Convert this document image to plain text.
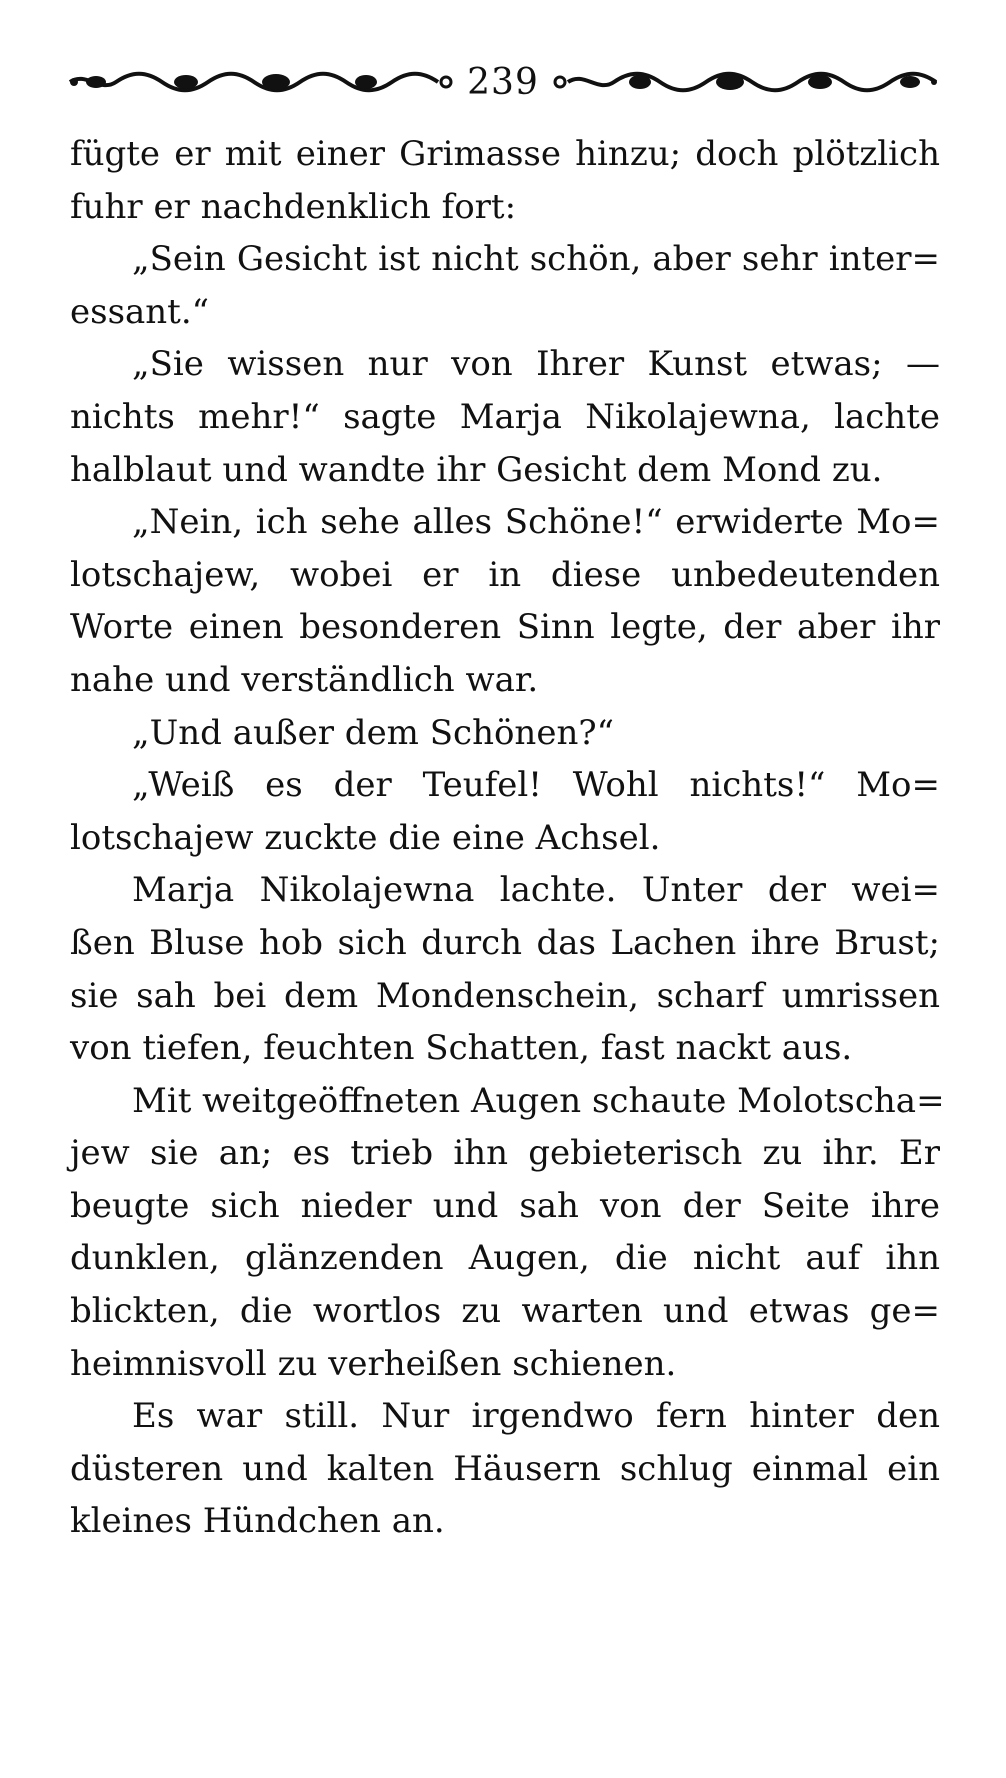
239
fügte er mit einer Grimasse hinzu; doch plötzlich
fuhr er nachdenklich fort:
„Sein Gesicht ist nicht schön, aber sehr inter=
essant.“
„Sie wissen nur von Ihrer Kunst etwas; —
nichts mehr!“ sagte Marja Nikolajewna, lachte
halblaut und wandte ihr Gesicht dem Mond zu.
„Nein, ich sehe alles Schöne!“ erwiderte Mo=
lotschajew, wobei er in diese unbedeutenden
Worte einen besonderen Sinn legte, der aber ihr
nahe und verständlich war.
„Und außer dem Schönen?“
„Weiß es der Teufel! Wohl nichts!“ Mo=
lotschajew zuckte die eine Achsel.
Marja Nikolajewna lachte. Unter der wei=
ßen Bluse hob sich durch das Lachen ihre Brust;
sie sah bei dem Mondenschein, scharf umrissen
von tiefen, feuchten Schatten, fast nackt aus.
Mit weitgeöffneten Augen schaute Molotscha=
jew sie an; es trieb ihn gebieterisch zu ihr. Er
beugte sich nieder und sah von der Seite ihre
dunklen, glänzenden Augen, die nicht auf ihn
blickten, die wortlos zu warten und etwas ge=
heimnisvoll zu verheißen schienen.
Es war still. Nur irgendwo fern hinter den
düsteren und kalten Häusern schlug einmal ein
kleines Hündchen an.
